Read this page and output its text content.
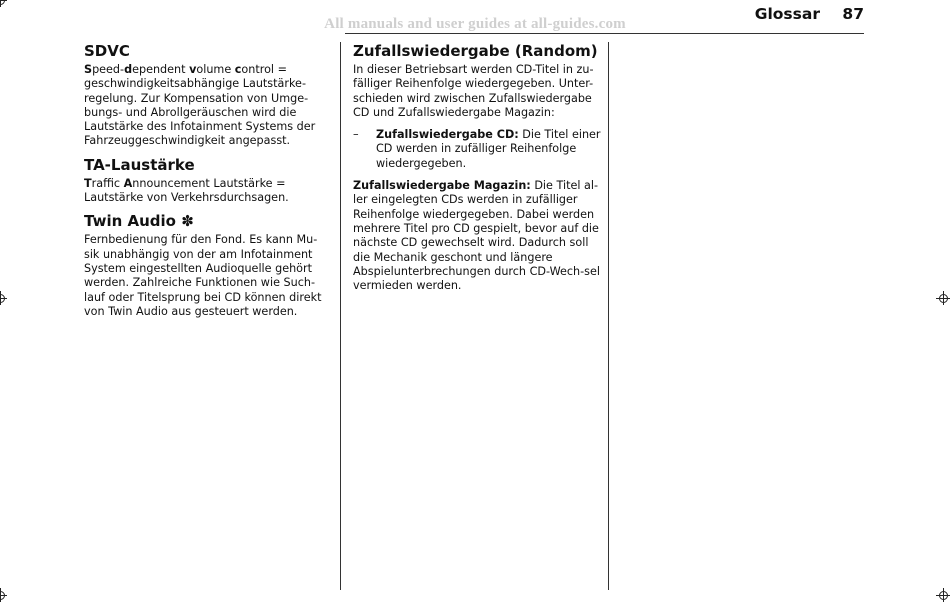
All manuals and user guides at all-guides.com
Glossar 87
SDVC

Speed-dependent volume control = geschwindigkeitsabhängige Lautstärke-regelung. Zur Kompensation von Umge-bungs- und Abrollgeräuschen wird die Lautstärke des Infotainment Systems der Fahrzeuggeschwindigkeit angepasst.

TA-Laustärke

Traffic Announcement Lautstärke = Lautstärke von Verkehrsdurchsagen.

Twin Audio ✽

Fernbedienung für den Fond. Es kann Mu-sik unabhängig von der am Infotainment System eingestellten Audioquelle gehört werden. Zahlreiche Funktionen wie Such-lauf oder Titelsprung bei CD können direkt von Twin Audio aus gesteuert werden.

Zufallswiedergabe (Random)

In dieser Betriebsart werden CD-Titel in zu-fälliger Reihenfolge wiedergegeben. Unter-schieden wird zwischen Zufallswiedergabe CD und Zufallswiedergabe Magazin:

–	Zufallswiedergabe CD: Die Titel einer CD werden in zufälliger Reihenfolge wiedergegeben.

Zufallswiedergabe Magazin: Die Titel al-ler eingelegten CDs werden in zufälliger Reihenfolge wiedergegeben. Dabei werden mehrere Titel pro CD gespielt, bevor auf die nächste CD gewechselt wird. Dadurch soll die Mechanik geschont und längere Abspielunterbrechungen durch CD-Wech-sel vermieden werden.
